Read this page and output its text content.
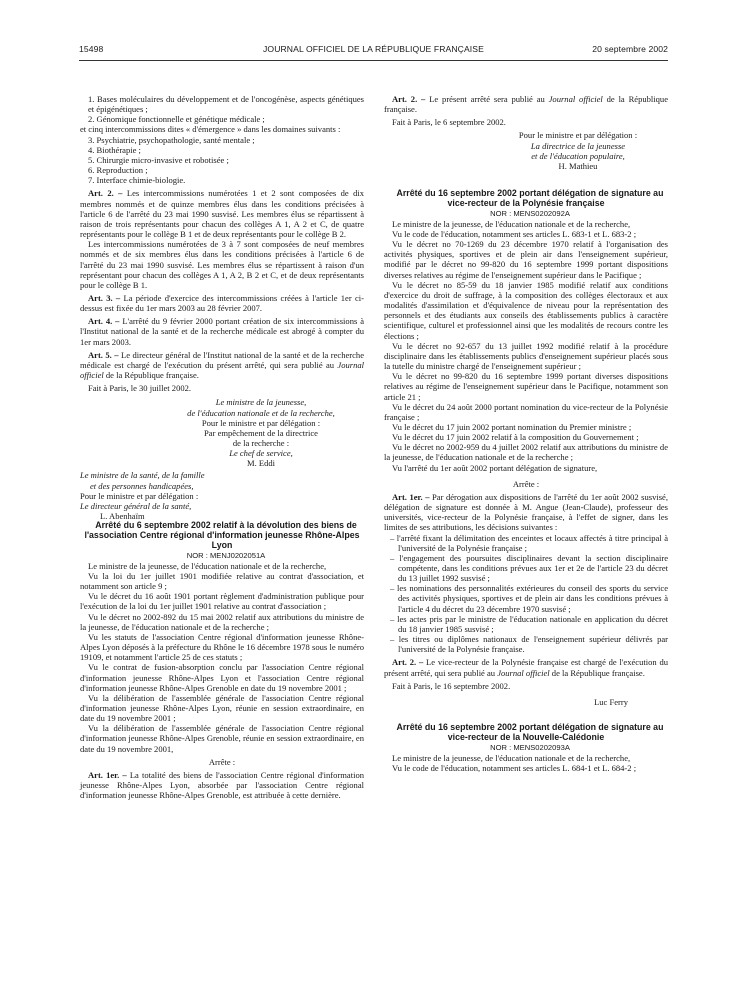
15498	JOURNAL OFFICIEL DE LA RÉPUBLIQUE FRANÇAISE	20 septembre 2002

1. Bases moléculaires du développement et de l'oncogénèse, aspects génétiques et épigénétiques ;

2. Génomique fonctionnelle et génétique médicale ;

et cinq intercommissions dites « d'émergence » dans les domaines suivants :

3. Psychiatrie, psychopathologie, santé mentale ;

4. Biothérapie ;

5. Chirurgie micro-invasive et robotisée ;

6. Reproduction ;

7. Interface chimie-biologie.

Art. 2. – Les intercommissions numérotées 1 et 2 sont composées de dix membres nommés et de quinze membres élus dans les conditions précisées à l'article 6 de l'arrêté du 23 mai 1990 susvisé. Les membres élus se répartissent à raison de trois représentants pour chacun des collèges A 1, A 2 et C, de quatre représentants pour le collège B 1 et de deux représentants pour le collège B 2.

Les intercommissions numérotées de 3 à 7 sont composées de neuf membres nommés et de six membres élus dans les conditions précisées à l'article 6 de l'arrêté du 23 mai 1990 susvisé. Les membres élus se répartissent à raison d'un représentant pour chacun des collèges A 1, A 2, B 2 et C, et de deux représentants pour le collège B 1.

Art. 3. – La période d'exercice des intercommissions créées à l'article 1er ci-dessus est fixée du 1er mars 2003 au 28 février 2007.

Art. 4. – L'arrêté du 9 février 2000 portant création de six intercommissions à l'Institut national de la santé et de la recherche médicale est abrogé à compter du 1er mars 2003.

Art. 5. – Le directeur général de l'Institut national de la santé et de la recherche médicale est chargé de l'exécution du présent arrêté, qui sera publié au Journal officiel de la République française.

Fait à Paris, le 30 juillet 2002.

Le ministre de la jeunesse,

de l'éducation nationale et de la recherche,

Pour le ministre et par délégation :

Par empêchement de la directrice

de la recherche :

Le chef de service,

M. Eddi

Le ministre de la santé, de la famille

et des personnes handicapées,

Pour le ministre et par délégation :

Le directeur général de la santé,

L. Abenhaïm

Arrêté du 6 septembre 2002 relatif à la dévolution des biens de l'association Centre régional d'information jeunesse Rhône-Alpes Lyon

NOR : MENJ0202051A

Le ministre de la jeunesse, de l'éducation nationale et de la recherche,

Vu la loi du 1er juillet 1901 modifiée relative au contrat d'association, et notamment son article 9 ;

Vu le décret du 16 août 1901 portant règlement d'administration publique pour l'exécution de la loi du 1er juillet 1901 relative au contrat d'association ;

Vu le décret no 2002-892 du 15 mai 2002 relatif aux attributions du ministre de la jeunesse, de l'éducation nationale et de la recherche ;

Vu les statuts de l'association Centre régional d'information jeunesse Rhône-Alpes Lyon déposés à la préfecture du Rhône le 16 décembre 1978 sous le numéro 19109, et notamment l'article 25 de ces statuts ;

Vu le contrat de fusion-absorption conclu par l'association Centre régional d'information jeunesse Rhône-Alpes Lyon et l'association Centre régional d'information jeunesse Rhône-Alpes Grenoble en date du 19 novembre 2001 ;

Vu la délibération de l'assemblée générale de l'association Centre régional d'information jeunesse Rhône-Alpes Lyon, réunie en session extraordinaire, en date du 19 novembre 2001 ;

Vu la délibération de l'assemblée générale de l'association Centre régional d'information jeunesse Rhône-Alpes Grenoble, réunie en session extraordinaire, en date du 19 novembre 2001,

Arrête :

Art. 1er. – La totalité des biens de l'association Centre régional d'information jeunesse Rhône-Alpes Lyon, absorbée par l'association Centre régional d'information jeunesse Rhône-Alpes Grenoble, est attribuée à cette dernière.

Art. 2. – Le présent arrêté sera publié au Journal officiel de la République française.

Fait à Paris, le 6 septembre 2002.

Pour le ministre et par délégation :

La directrice de la jeunesse

et de l'éducation populaire,

H. Mathieu

Arrêté du 16 septembre 2002 portant délégation de signature au vice-recteur de la Polynésie française

NOR : MENS0202092A

Le ministre de la jeunesse, de l'éducation nationale et de la recherche,

Vu le code de l'éducation, notamment ses articles L. 683-1 et L. 683-2 ;

Vu le décret no 70-1269 du 23 décembre 1970 relatif à l'organisation des activités physiques, sportives et de plein air dans l'enseignement supérieur, modifié par le décret no 99-820 du 16 septembre 1999 portant dispositions diverses relatives au régime de l'enseignement supérieur dans le Pacifique ;

Vu le décret no 85-59 du 18 janvier 1985 modifié relatif aux conditions d'exercice du droit de suffrage, à la composition des collèges électoraux et aux modalités d'assimilation et d'équivalence de niveau pour la représentation des personnels et des étudiants aux conseils des établissements publics à caractère scientifique, culturel et professionnel ainsi que les modalités de recours contre les élections ;

Vu le décret no 92-657 du 13 juillet 1992 modifié relatif à la procédure disciplinaire dans les établissements publics d'enseignement supérieur placés sous la tutelle du ministre chargé de l'enseignement supérieur ;

Vu le décret no 99-820 du 16 septembre 1999 portant diverses dispositions relatives au régime de l'enseignement supérieur dans le Pacifique, notamment son article 21 ;

Vu le décret du 24 août 2000 portant nomination du vice-recteur de la Polynésie française ;

Vu le décret du 17 juin 2002 portant nomination du Premier ministre ;

Vu le décret du 17 juin 2002 relatif à la composition du Gouvernement ;

Vu le décret no 2002-959 du 4 juillet 2002 relatif aux attributions du ministre de la jeunesse, de l'éducation nationale et de la recherche ;

Vu l'arrêté du 1er août 2002 portant délégation de signature,

Arrête :

Art. 1er. – Par dérogation aux dispositions de l'arrêté du 1er août 2002 susvisé, délégation de signature est donnée à M. Angue (Jean-Claude), professeur des universités, vice-recteur de la Polynésie française, à l'effet de signer, dans les limites de ses attributions, les décisions suivantes :

– l'arrêté fixant la délimitation des enceintes et locaux affectés à titre principal à l'université de la Polynésie française ;

– l'engagement des poursuites disciplinaires devant la section disciplinaire compétente, dans les conditions prévues aux 1er et 2e de l'article 23 du décret du 13 juillet 1992 susvisé ;

– les nominations des personnalités extérieures du conseil des sports du service des activités physiques, sportives et de plein air dans les conditions prévues à l'article 4 du décret du 23 décembre 1970 susvisé ;

– les actes pris par le ministre de l'éducation nationale en application du décret du 18 janvier 1985 susvisé ;

– les titres ou diplômes nationaux de l'enseignement supérieur délivrés par l'université de la Polynésie française.

Art. 2. – Le vice-recteur de la Polynésie française est chargé de l'exécution du présent arrêté, qui sera publié au Journal officiel de la République française.

Fait à Paris, le 16 septembre 2002.

Luc Ferry

Arrêté du 16 septembre 2002 portant délégation de signature au vice-recteur de la Nouvelle-Calédonie

NOR : MENS0202093A

Le ministre de la jeunesse, de l'éducation nationale et de la recherche,

Vu le code de l'éducation, notamment ses articles L. 684-1 et L. 684-2 ;
